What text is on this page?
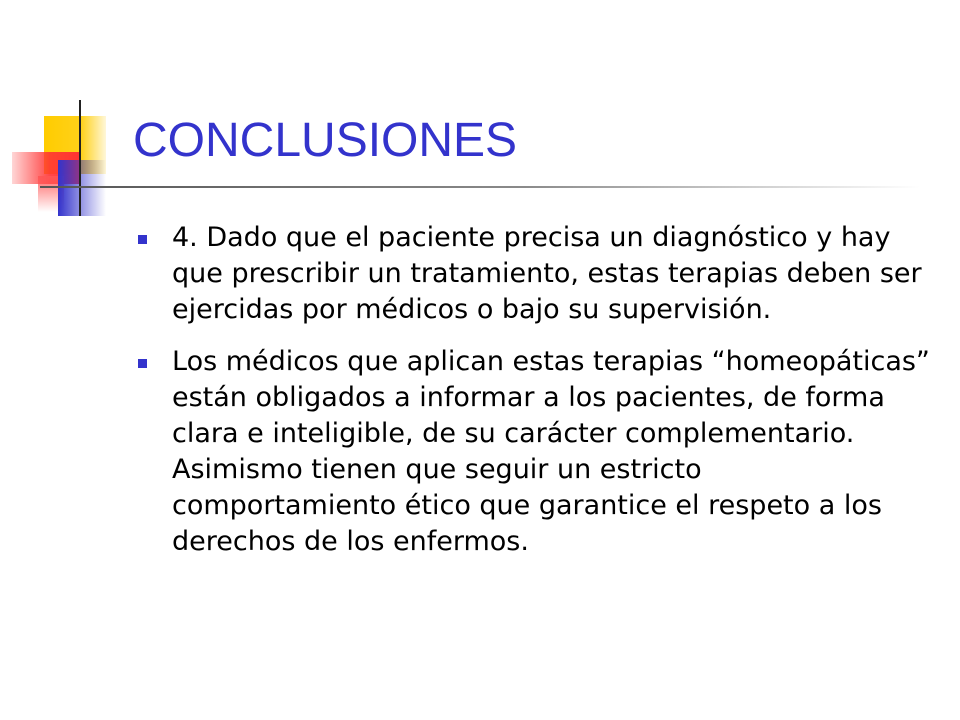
CONCLUSIONES
4. Dado que el paciente precisa un diagnóstico y hay que prescribir un tratamiento, estas terapias deben ser ejercidas por médicos o bajo su supervisión.
Los médicos que aplican estas terapias “homeopáticas” están obligados a informar a los pacientes, de forma clara e inteligible, de su carácter complementario. Asimismo tienen que seguir un estricto comportamiento ético que garantice el respeto a los derechos de los enfermos.
